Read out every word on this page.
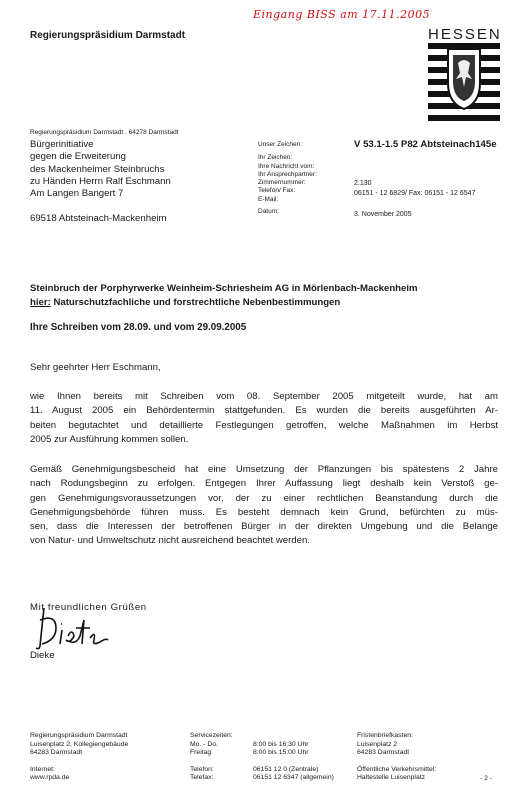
Eingang BISS am 17.11.2005
Regierungspräsidium Darmstadt	HESSEN
Regierungspräsidium Darmstadt . 64278 Darmstadt
Bürgerinitiative
gegen die Erweiterung
des Mackenheimer Steinbruchs
zu Händen Herrn Ralf Eschmann
Am Langen Bangert 7
69518 Abtsteinach-Mackenheim
Unser Zeichen:
Ihr Zeichen:
Ihre Nachricht vom:
Ihr Ansprechpartner:
Zimmernummer:
Telefon/ Fax:
E-Mail:
Datum:
V 53.1-1.5 P82 Abtsteinach145e
2.130
06151 - 12 6829/ Fax: 06151 - 12 6547
3. November 2005
Steinbruch der Porphyrwerke Weinheim-Schriesheim AG in Mörlenbach-Mackenheim
hier: Naturschutzfachliche und forstrechtliche Nebenbestimmungen
Ihre Schreiben vom 28.09. und vom 29.09.2005
Sehr geehrter Herr Eschmann,
wie Ihnen bereits mit Schreiben vom 08. September 2005 mitgeteilt wurde, hat am
11. August 2005 ein Behördentermin stattgefunden. Es wurden die bereits ausgeführten Ar-
beiten begutachtet und detaillierte Festlegungen getroffen, welche Maßnahmen im Herbst
2005 zur Ausführung kommen sollen.
Gemäß Genehmigungsbescheid hat eine Umsetzung der Pflanzungen bis spätestens 2 Jahre
nach Rodungsbeginn zu erfolgen. Entgegen Ihrer Auffassung liegt deshalb kein Verstoß ge-
gen Genehmigungsvoraussetzungen vor, der zu einer rechtlichen Beanstandung durch die
Genehmigungsbehörde führen muss. Es besteht demnach kein Grund, befürchten zu müs-
sen, dass die Interessen der betroffenen Bürger in der direkten Umgebung und die Belange
von Natur- und Umweltschutz nicht ausreichend beachtet werden.
Mit freundlichen Grüßen
Dieke
Regierungspräsidium Darmstadt
Luisenplatz 2, Kollegiengebäude
64283 Darmstadt
Internet:
www.rpda.de
Servicezeiten:
Mo. - Do.
Freitag
Telefon:
Telefax:
8:00 bis 16:30 Uhr
8:00 bis 15:00 Uhr
06151 12 0 (Zentrale)
06151 12 6347 (allgemein)
Fristenbriefkasten:
Luisenplatz 2
64283 Darmstadt
Öffentliche Verkehrsmittel:
Haltestelle Luisenplatz	- 2 -
